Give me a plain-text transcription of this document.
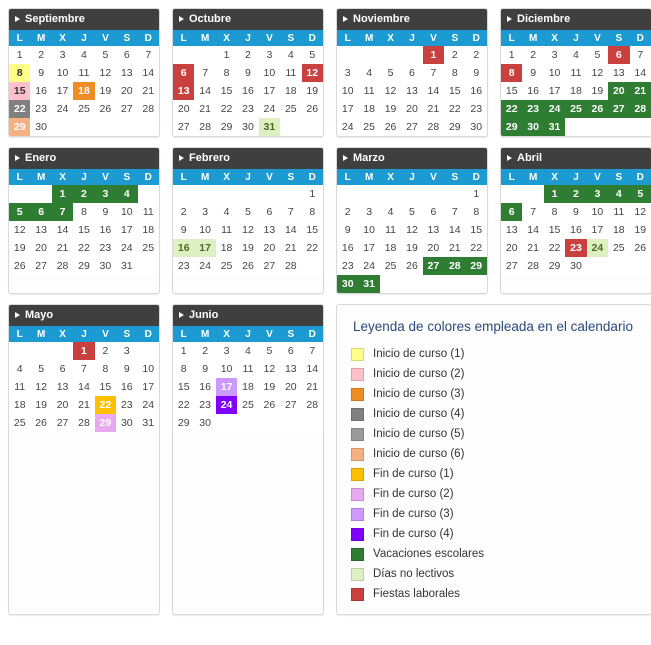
Septiembre
L	M	X	J	V	S	D
1	2	3	4	5	6	7
8	9	10	11	12	13	14
15	16	17	18	19	20	21
22	23	24	25	26	27	28
29	30					
Octubre
L	M	X	J	V	S	D
		1	2	3	4	5
6	7	8	9	10	11	12
13	14	15	16	17	18	19
20	21	22	23	24	25	26
27	28	29	30	31		
Noviembre
L	M	X	J	V	S	D
				1	2	2
3	4	5	6	7	8	9
10	11	12	13	14	15	16
17	18	19	20	21	22	23
24	25	26	27	28	29	30
Diciembre
L	M	X	J	V	S	D
1	2	3	4	5	6	7
8	9	10	11	12	13	14
15	16	17	18	19	20	21
22	23	24	25	26	27	28
29	30	31				
Enero
L	M	X	J	V	S	D
		1	2	3	4	
5	6	7	8	9	10	11
12	13	14	15	16	17	18
19	20	21	22	23	24	25
26	27	28	29	30	31	
Febrero
L	M	X	J	V	S	D
						1
2	3	4	5	6	7	8
9	10	11	12	13	14	15
16	17	18	19	20	21	22
23	24	25	26	27	28	
Marzo
L	M	X	J	V	S	D
						1
2	3	4	5	6	7	8
9	10	11	12	13	14	15
16	17	18	19	20	21	22
23	24	25	26	27	28	29
30	31					
Abril
L	M	X	J	V	S	D
		1	2	3	4	5
6	7	8	9	10	11	12
13	14	15	16	17	18	19
20	21	22	23	24	25	26
27	28	29	30			
Mayo
L	M	X	J	V	S	D
			1	2	3	
4	5	6	7	8	9	10
11	12	13	14	15	16	17
18	19	20	21	22	23	24
25	26	27	28	29	30	31
Junio
L	M	X	J	V	S	D
1	2	3	4	5	6	7
8	9	10	11	12	13	14
15	16	17	18	19	20	21
22	23	24	25	26	27	28
29	30					
Leyenda de colores empleada en el calendario
Inicio de curso (1)
Inicio de curso (2)
Inicio de curso (3)
Inicio de curso (4)
Inicio de curso (5)
Inicio de curso (6)
Fin de curso (1)
Fin de curso (2)
Fin de curso (3)
Fin de curso (4)
Vacaciones escolares
Días no lectivos
Fiestas laborales
